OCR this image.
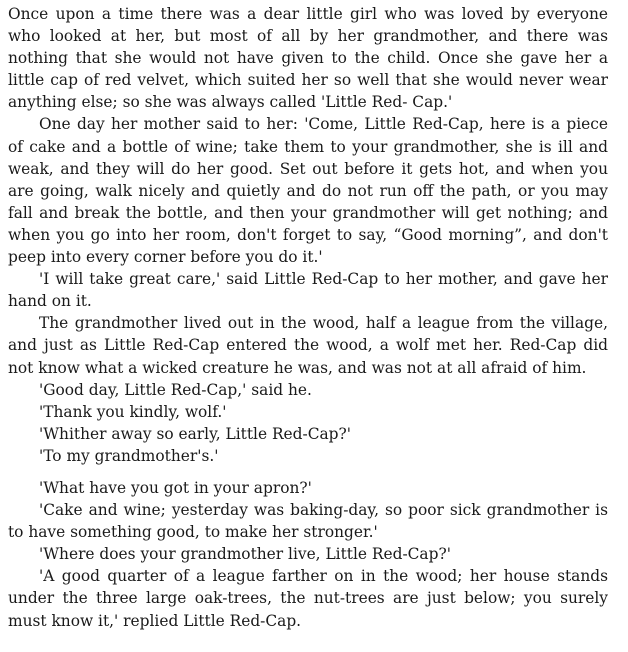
Once upon a time there was a dear little girl who was loved by everyone who looked at her, but most of all by her grandmother, and there was nothing that she would not have given to the child. Once she gave her a little cap of red velvet, which suited her so well that she would never wear anything else; so she was always called 'Little Red- Cap.'

One day her mother said to her: 'Come, Little Red-Cap, here is a piece of cake and a bottle of wine; take them to your grandmother, she is ill and weak, and they will do her good. Set out before it gets hot, and when you are going, walk nicely and quietly and do not run off the path, or you may fall and break the bottle, and then your grandmother will get nothing; and when you go into her room, don't forget to say, “Good morning”, and don't peep into every corner before you do it.'

'I will take great care,' said Little Red-Cap to her mother, and gave her hand on it.

The grandmother lived out in the wood, half a league from the village, and just as Little Red-Cap entered the wood, a wolf met her. Red-Cap did not know what a wicked creature he was, and was not at all afraid of him.

'Good day, Little Red-Cap,' said he.

'Thank you kindly, wolf.'

'Whither away so early, Little Red-Cap?'

'To my grandmother's.'

'What have you got in your apron?'

'Cake and wine; yesterday was baking-day, so poor sick grandmother is to have something good, to make her stronger.'

'Where does your grandmother live, Little Red-Cap?'

'A good quarter of a league farther on in the wood; her house stands under the three large oak-trees, the nut-trees are just below; you surely must know it,' replied Little Red-Cap.
